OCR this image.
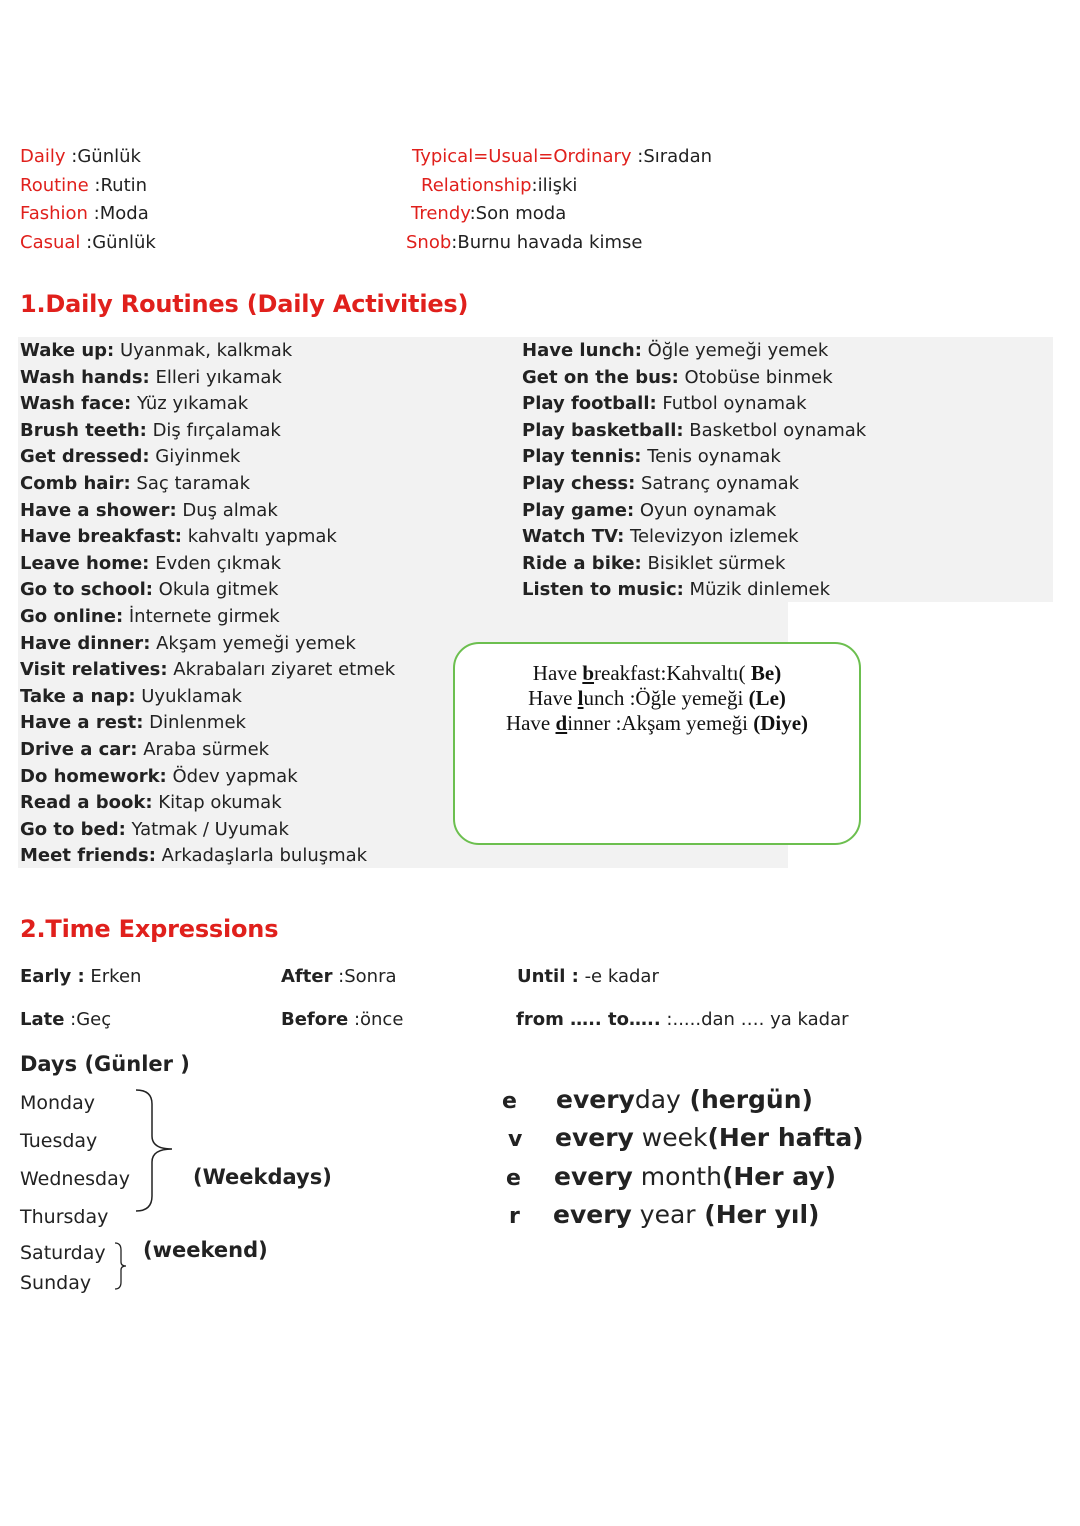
Daily :Günlük
Routine :Rutin
Fashion :Moda
Casual :Günlük
Typical=Usual=Ordinary :Sıradan
Relationship:ilişki
Trendy:Son moda
Snob:Burnu havada kimse
1.Daily Routines (Daily Activities)
Wake up: Uyanmak, kalkmak
Wash hands: Elleri yıkamak
Wash face: Yüz yıkamak
Brush teeth: Diş fırçalamak
Get dressed: Giyinmek
Comb hair: Saç taramak
Have a shower: Duş almak
Have breakfast: kahvaltı yapmak
Leave home: Evden çıkmak
Go to school: Okula gitmek
Go online: İnternete girmek
Have dinner: Akşam yemeği yemek
Visit relatives: Akrabaları ziyaret etmek
Take a nap: Uyuklamak
Have a rest: Dinlenmek
Drive a car: Araba sürmek
Do homework: Ödev yapmak
Read a book: Kitap okumak
Go to bed: Yatmak / Uyumak
Meet friends: Arkadaşlarla buluşmak
Have lunch: Öğle yemeği yemek
Get on the bus: Otobüse binmek
Play football: Futbol oynamak
Play basketball: Basketbol oynamak
Play tennis: Tenis oynamak
Play chess: Satranç oynamak
Play game: Oyun oynamak
Watch TV: Televizyon izlemek
Ride a bike: Bisiklet sürmek
Listen to music: Müzik dinlemek
Have breakfast:Kahvaltı( Be)
Have lunch :Öğle yemeği (Le)
Have dinner :Akşam yemeği (Diye)
2.Time Expressions
Early : Erken
Late :Geç
After :Sonra
Before :önce
Until : -e kadar
from ….. to….. :.....dan …. ya kadar
Days (Günler )
Monday
Tuesday
Wednesday
Thursday
Saturday
Sunday
(Weekdays)
(weekend)
e
v
e
r
everyday (hergün)
every week(Her hafta)
every month(Her ay)
every year (Her yıl)
